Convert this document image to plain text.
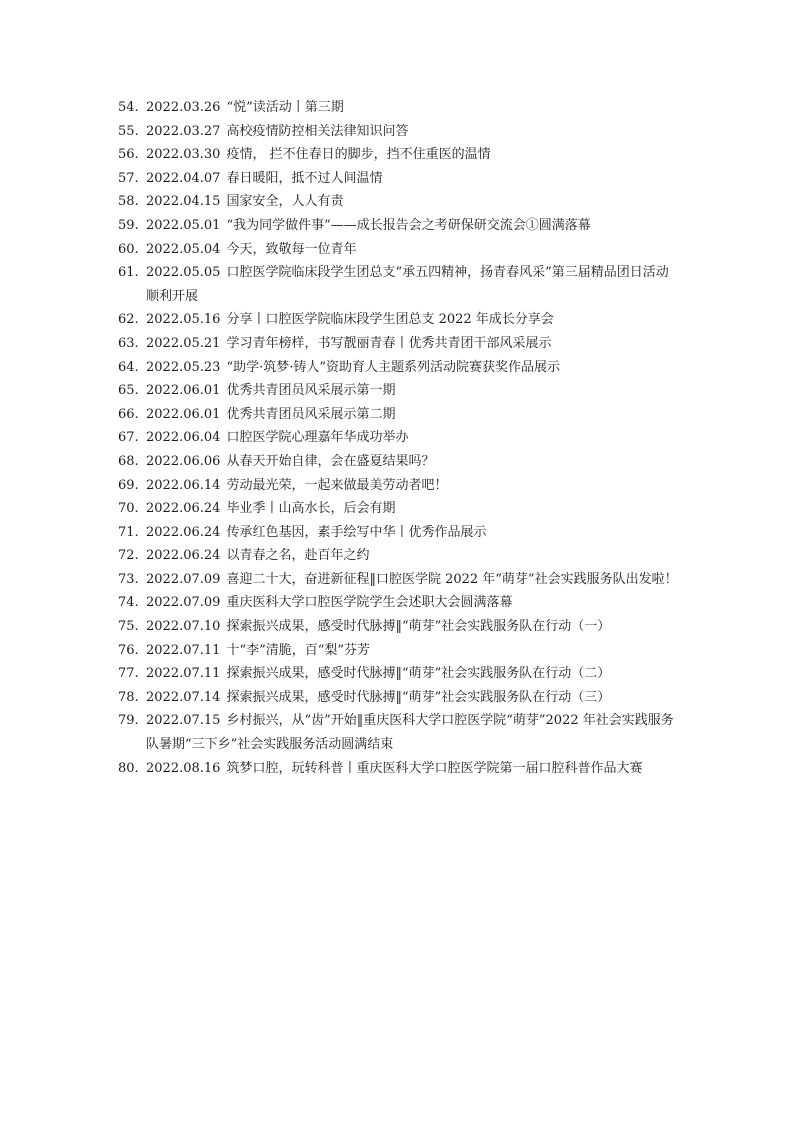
54. 2022.03.26 “悦”读活动丨第三期
55. 2022.03.27 高校疫情防控相关法律知识问答
56. 2022.03.30 疫情， 拦不住春日的脚步，挡不住重医的温情
57. 2022.04.07 春日暖阳，抵不过人间温情
58. 2022.04.15 国家安全，人人有责
59. 2022.05.01 “我为同学做件事”——成长报告会之考研保研交流会①圆满落幕
60. 2022.05.04 今天，致敬每一位青年
61. 2022.05.05 口腔医学院临床段学生团总支“承五四精神，扬青春风采”第三届精品团日活动顺利开展
62. 2022.05.16 分享丨口腔医学院临床段学生团总支 2022 年成长分享会
63. 2022.05.21 学习青年榜样，书写靓丽青春丨优秀共青团干部风采展示
64. 2022.05.23 “助学·筑梦·铸人”资助育人主题系列活动院赛获奖作品展示
65. 2022.06.01 优秀共青团员风采展示第一期
66. 2022.06.01 优秀共青团员风采展示第二期
67. 2022.06.04 口腔医学院心理嘉年华成功举办
68. 2022.06.06 从春天开始自律，会在盛夏结果吗？
69. 2022.06.14 劳动最光荣，一起来做最美劳动者吧！
70. 2022.06.24 毕业季丨山高水长，后会有期
71. 2022.06.24 传承红色基因，素手绘写中华丨优秀作品展示
72. 2022.06.24 以青春之名，赴百年之约
73. 2022.07.09 喜迎二十大，奋进新征程‖口腔医学院 2022 年“萌芽”社会实践服务队出发啦！
74. 2022.07.09 重庆医科大学口腔医学院学生会述职大会圆满落幕
75. 2022.07.10 探索振兴成果，感受时代脉搏‖“萌芽”社会实践服务队在行动（一）
76. 2022.07.11 十“李”清脆，百“梨”芬芳
77. 2022.07.11 探索振兴成果，感受时代脉搏‖“萌芽”社会实践服务队在行动（二）
78. 2022.07.14 探索振兴成果，感受时代脉搏‖“萌芽”社会实践服务队在行动（三）
79. 2022.07.15 乡村振兴，从“齿”开始‖重庆医科大学口腔医学院“萌芽”2022 年社会实践服务队暑期“三下乡”社会实践服务活动圆满结束
80. 2022.08.16 筑梦口腔，玩转科普丨重庆医科大学口腔医学院第一届口腔科普作品大赛
